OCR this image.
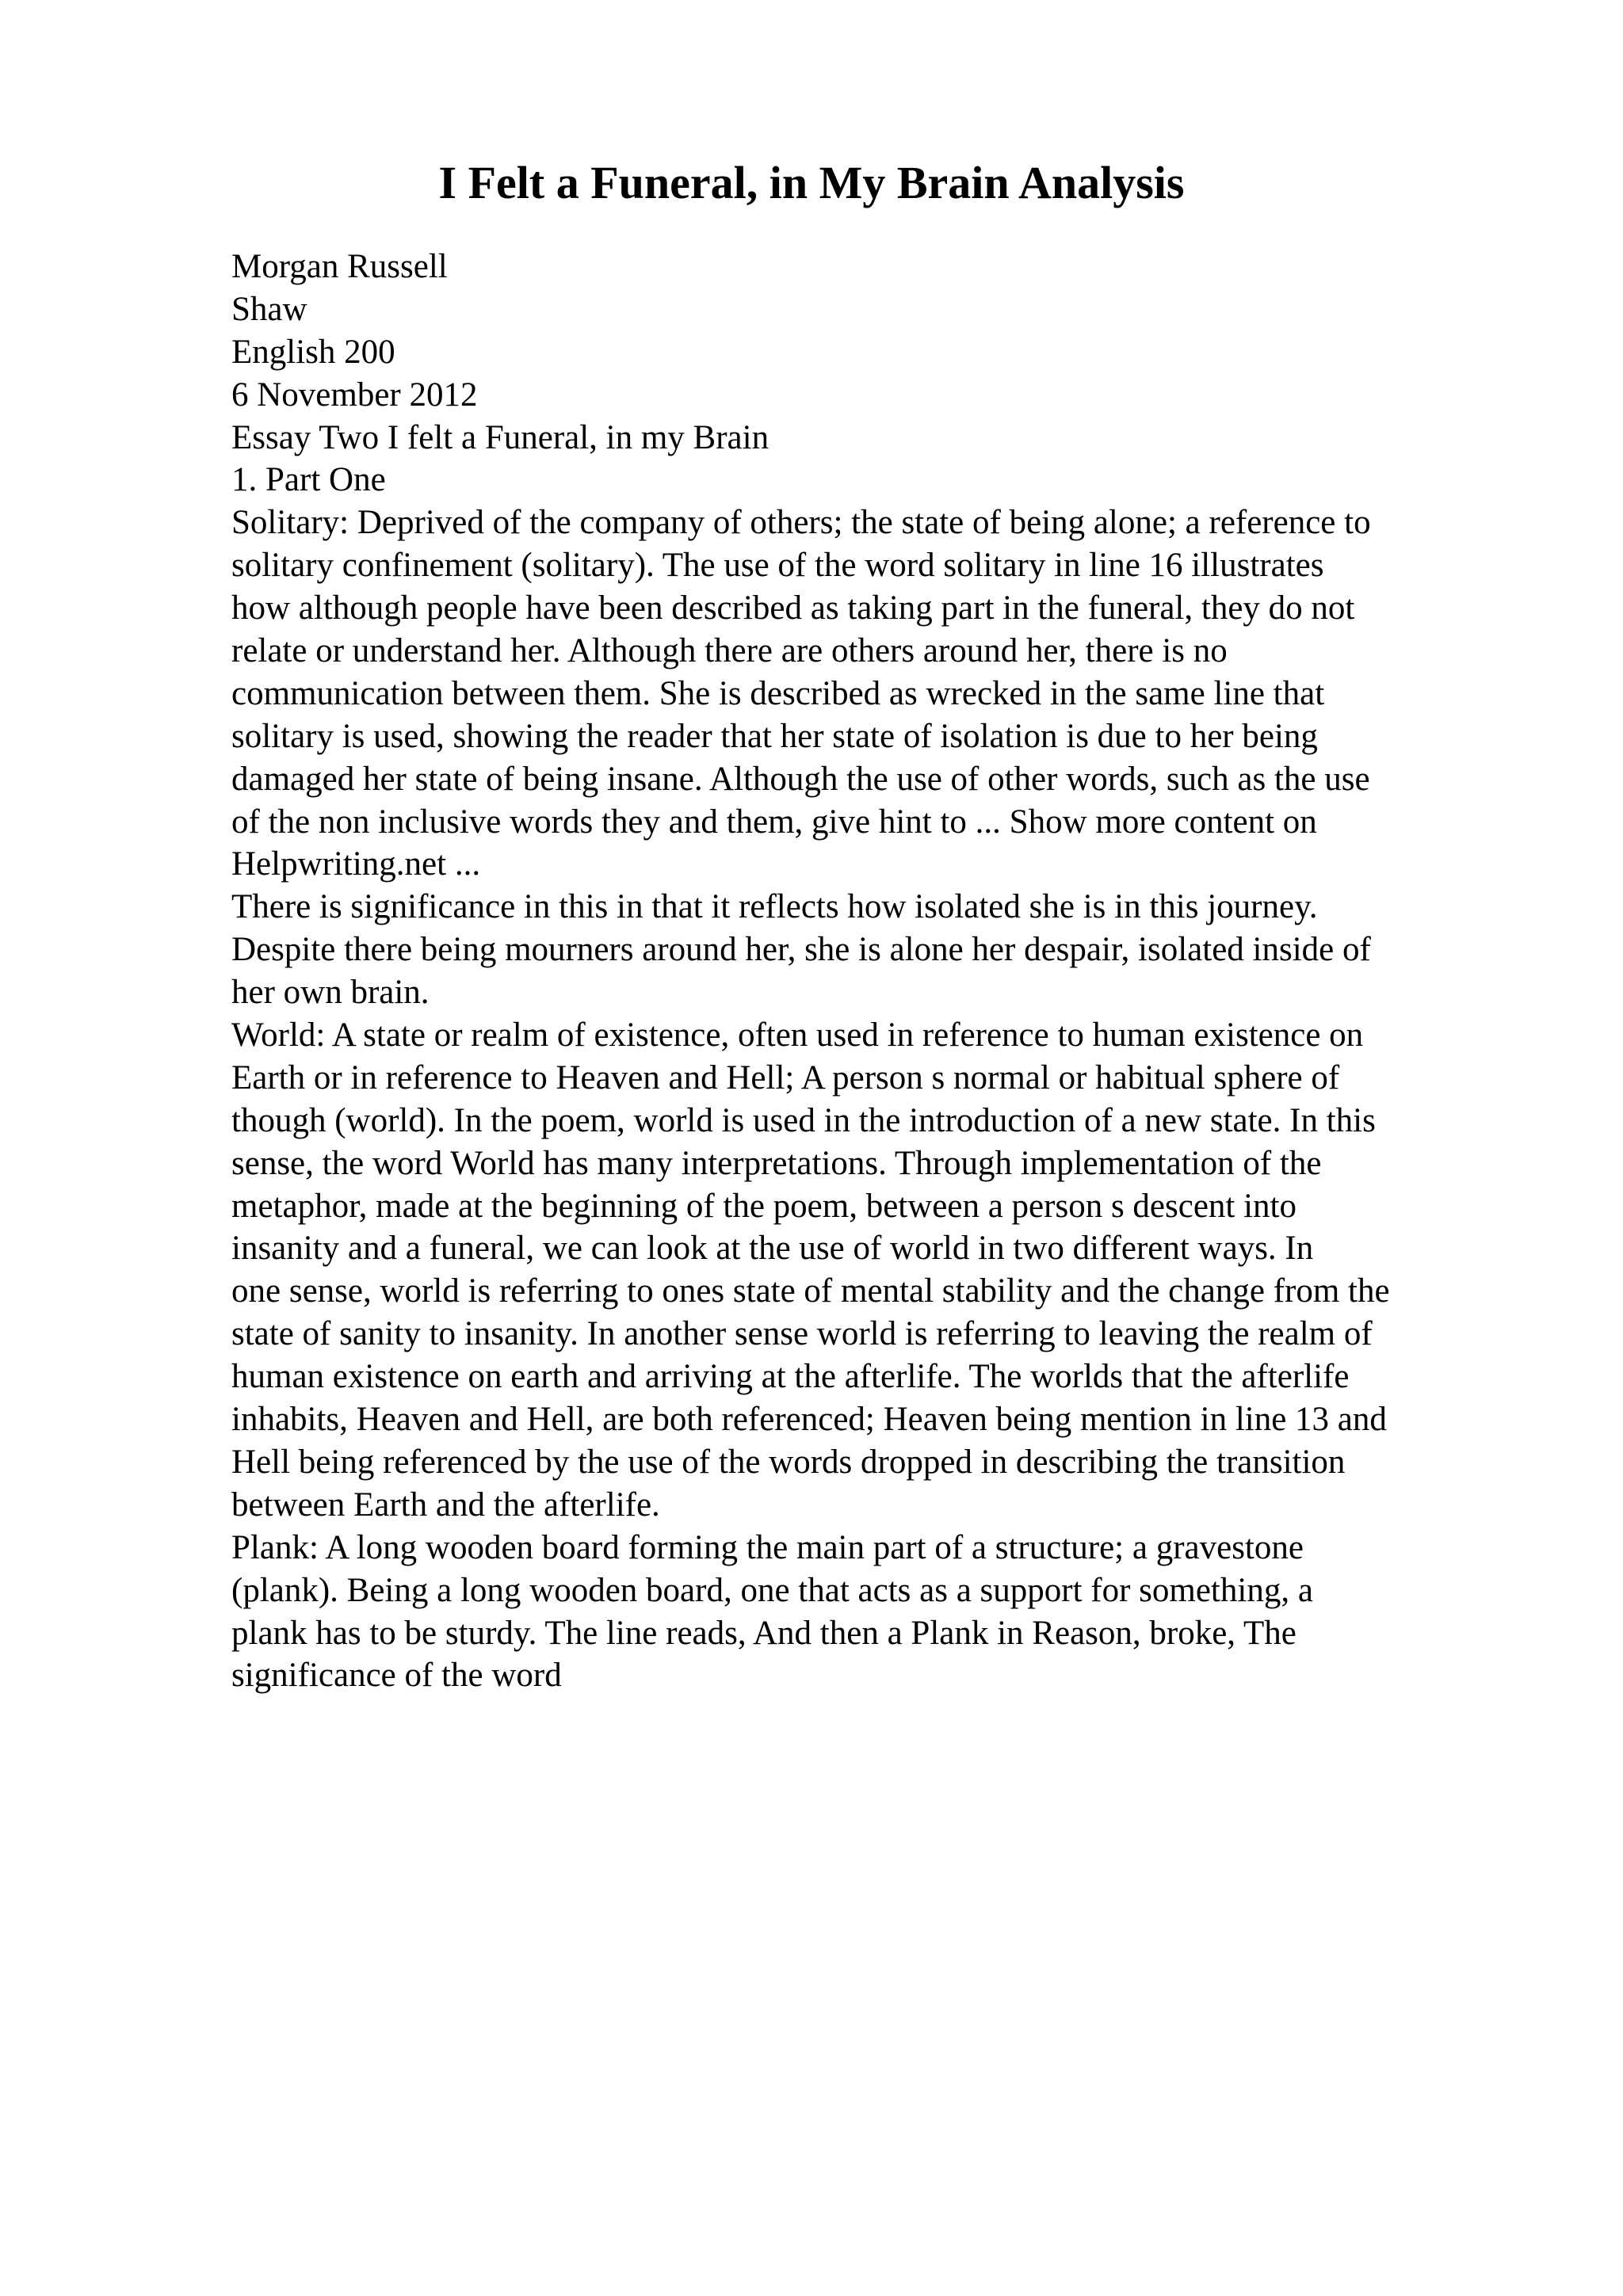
I Felt a Funeral, in My Brain Analysis
Morgan Russell
Shaw
English 200
6 November 2012
Essay Two I felt a Funeral, in my Brain
1. Part One
Solitary: Deprived of the company of others; the state of being alone; a reference to
solitary confinement (solitary). The use of the word solitary in line 16 illustrates
how although people have been described as taking part in the funeral, they do not
relate or understand her. Although there are others around her, there is no
communication between them. She is described as wrecked in the same line that
solitary is used, showing the reader that her state of isolation is due to her being
damaged her state of being insane. Although the use of other words, such as the use
of the non inclusive words they and them, give hint to ... Show more content on
Helpwriting.net ...
There is significance in this in that it reflects how isolated she is in this journey.
Despite there being mourners around her, she is alone her despair, isolated inside of
her own brain.
World: A state or realm of existence, often used in reference to human existence on
Earth or in reference to Heaven and Hell; A person s normal or habitual sphere of
though (world). In the poem, world is used in the introduction of a new state. In this
sense, the word World has many interpretations. Through implementation of the
metaphor, made at the beginning of the poem, between a person s descent into
insanity and a funeral, we can look at the use of world in two different ways. In
one sense, world is referring to ones state of mental stability and the change from the
state of sanity to insanity. In another sense world is referring to leaving the realm of
human existence on earth and arriving at the afterlife. The worlds that the afterlife
inhabits, Heaven and Hell, are both referenced; Heaven being mention in line 13 and
Hell being referenced by the use of the words dropped in describing the transition
between Earth and the afterlife.
Plank: A long wooden board forming the main part of a structure; a gravestone
(plank). Being a long wooden board, one that acts as a support for something, a
plank has to be sturdy. The line reads, And then a Plank in Reason, broke, The
significance of the word
